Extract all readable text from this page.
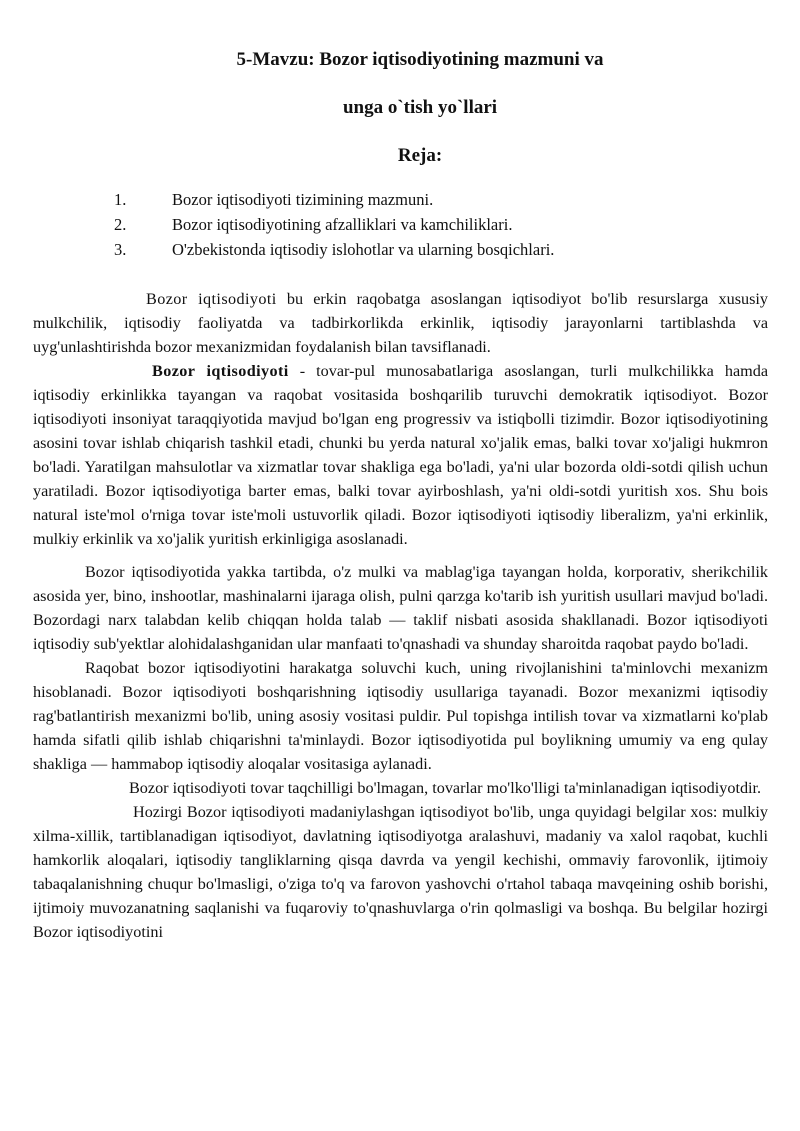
5-Mavzu: Bozor iqtisodiyotining mazmuni va
unga o`tish yo`llari
Reja:
1.	Bozor iqtisodiyoti tizimining mazmuni.
2.	Bozor iqtisodiyotining afzalliklari va kamchiliklari.
3.	O'zbekistonda iqtisodiy islohotlar va ularning bosqichlari.

Bozor iqtisodiyoti bu erkin raqobatga asoslangan iqtisodiyot bo'lib resurslarga xususiy mulkchilik, iqtisodiy faoliyatda va tadbirkorlikda erkinlik, iqtisodiy jarayonlarni tartiblashda va uyg'unlashtirishda bozor mexanizmidan foydalanish bilan tavsiflanadi.

Bozor iqtisodiyoti - tovar-pul munosabatlariga asoslangan, turli mulkchilikka hamda iqtisodiy erkinlikka tayangan va raqobat vositasida boshqarilib turuvchi demokratik iqtisodiyot. Bozor iqtisodiyoti insoniyat taraqqiyotida mavjud bo'lgan eng progressiv va istiqbolli tizimdir. Bozor iqtisodiyotining asosini tovar ishlab chiqarish tashkil etadi, chunki bu yerda natural xo'jalik emas, balki tovar xo'jaligi hukmron bo'ladi. Yaratilgan mahsulotlar va xizmatlar tovar shakliga ega bo'ladi, ya'ni ular bozorda oldi-sotdi qilish uchun yaratiladi. Bozor iqtisodiyotiga barter emas, balki tovar ayirboshlash, ya'ni oldi-sotdi yuritish xos. Shu bois natural iste'mol o'rniga tovar iste'moli ustuvorlik qiladi. Bozor iqtisodiyoti iqtisodiy liberalizm, ya'ni erkinlik, mulkiy erkinlik va xo'jalik yuritish erkinligiga asoslanadi.

Bozor iqtisodiyotida yakka tartibda, o'z mulki va mablag'iga tayangan holda, korporativ, sherikchilik asosida yer, bino, inshootlar, mashinalarni ijaraga olish, pulni qarzga ko'tarib ish yuritish usullari mavjud bo'ladi. Bozordagi narx talabdan kelib chiqqan holda talab — taklif nisbati asosida shakllanadi. Bozor iqtisodiyoti iqtisodiy sub'yektlar alohidalashganidan ular manfaati to'qnashadi va shunday sharoitda raqobat paydo bo'ladi.

Raqobat bozor iqtisodiyotini harakatga soluvchi kuch, uning rivojlanishini ta'minlovchi mexanizm hisoblanadi. Bozor iqtisodiyoti boshqarishning iqtisodiy usullariga tayanadi. Bozor mexanizmi iqtisodiy rag'batlantirish mexanizmi bo'lib, uning asosiy vositasi puldir. Pul topishga intilish tovar va xizmatlarni ko'plab hamda sifatli qilib ishlab chiqarishni ta'minlaydi. Bozor iqtisodiyotida pul boylikning umumiy va eng qulay shakliga — hammabop iqtisodiy aloqalar vositasiga aylanadi.

Bozor iqtisodiyoti tovar taqchilligi bo'lmagan, tovarlar mo'lko'lligi ta'minlanadigan iqtisodiyotdir.

Hozirgi Bozor iqtisodiyoti madaniylashgan iqtisodiyot bo'lib, unga quyidagi belgilar xos: mulkiy xilma-xillik, tartiblanadigan iqtisodiyot, davlatning iqtisodiyotga aralashuvi, madaniy va xalol raqobat, kuchli hamkorlik aloqalari, iqtisodiy tangliklarning qisqa davrda va yengil kechishi, ommaviy farovonlik, ijtimoiy tabaqalanishning chuqur bo'lmasligi, o'ziga to'q va farovon yashovchi o'rtahol tabaqa mavqeining oshib borishi, ijtimoiy muvozanatning saqlanishi va fuqaroviy to'qnashuvlarga o'rin qolmasligi va boshqa. Bu belgilar hozirgi Bozor iqtisodiyotini
